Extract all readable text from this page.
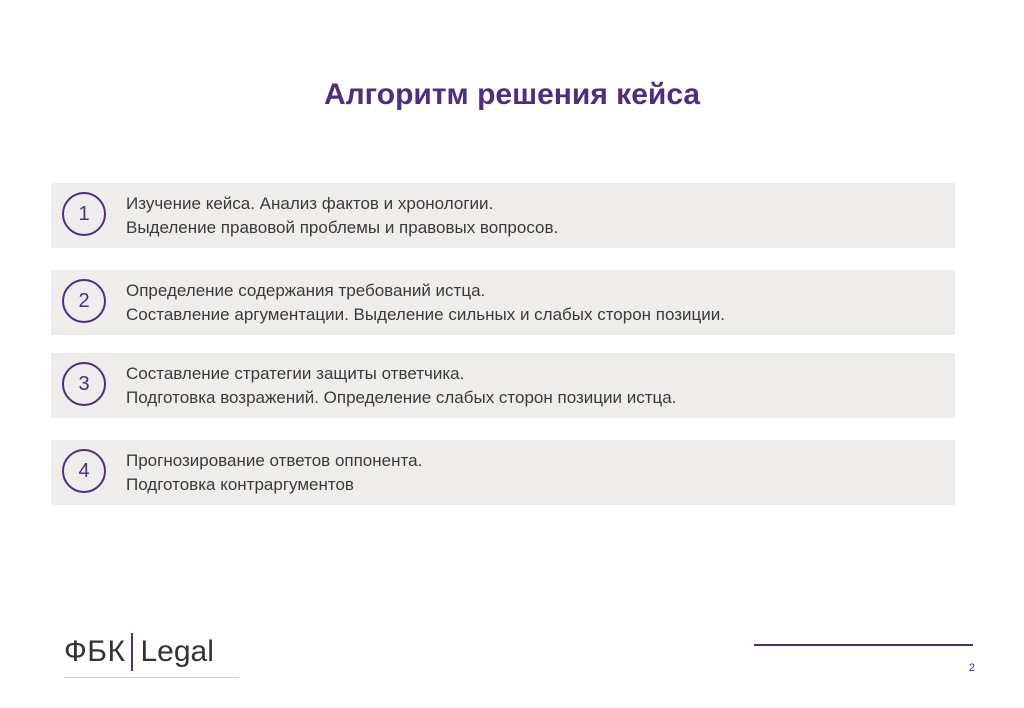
Алгоритм решения кейса
1	Изучение кейса. Анализ фактов и хронологии.
Выделение правовой проблемы и правовых вопросов.
2	Определение содержания требований истца.
Составление аргументации. Выделение сильных и слабых сторон позиции.
3	Составление стратегии защиты ответчика.
Подготовка возражений. Определение слабых сторон позиции истца.
4	Прогнозирование ответов оппонента.
Подготовка контраргументов
ФБК Legal	2
